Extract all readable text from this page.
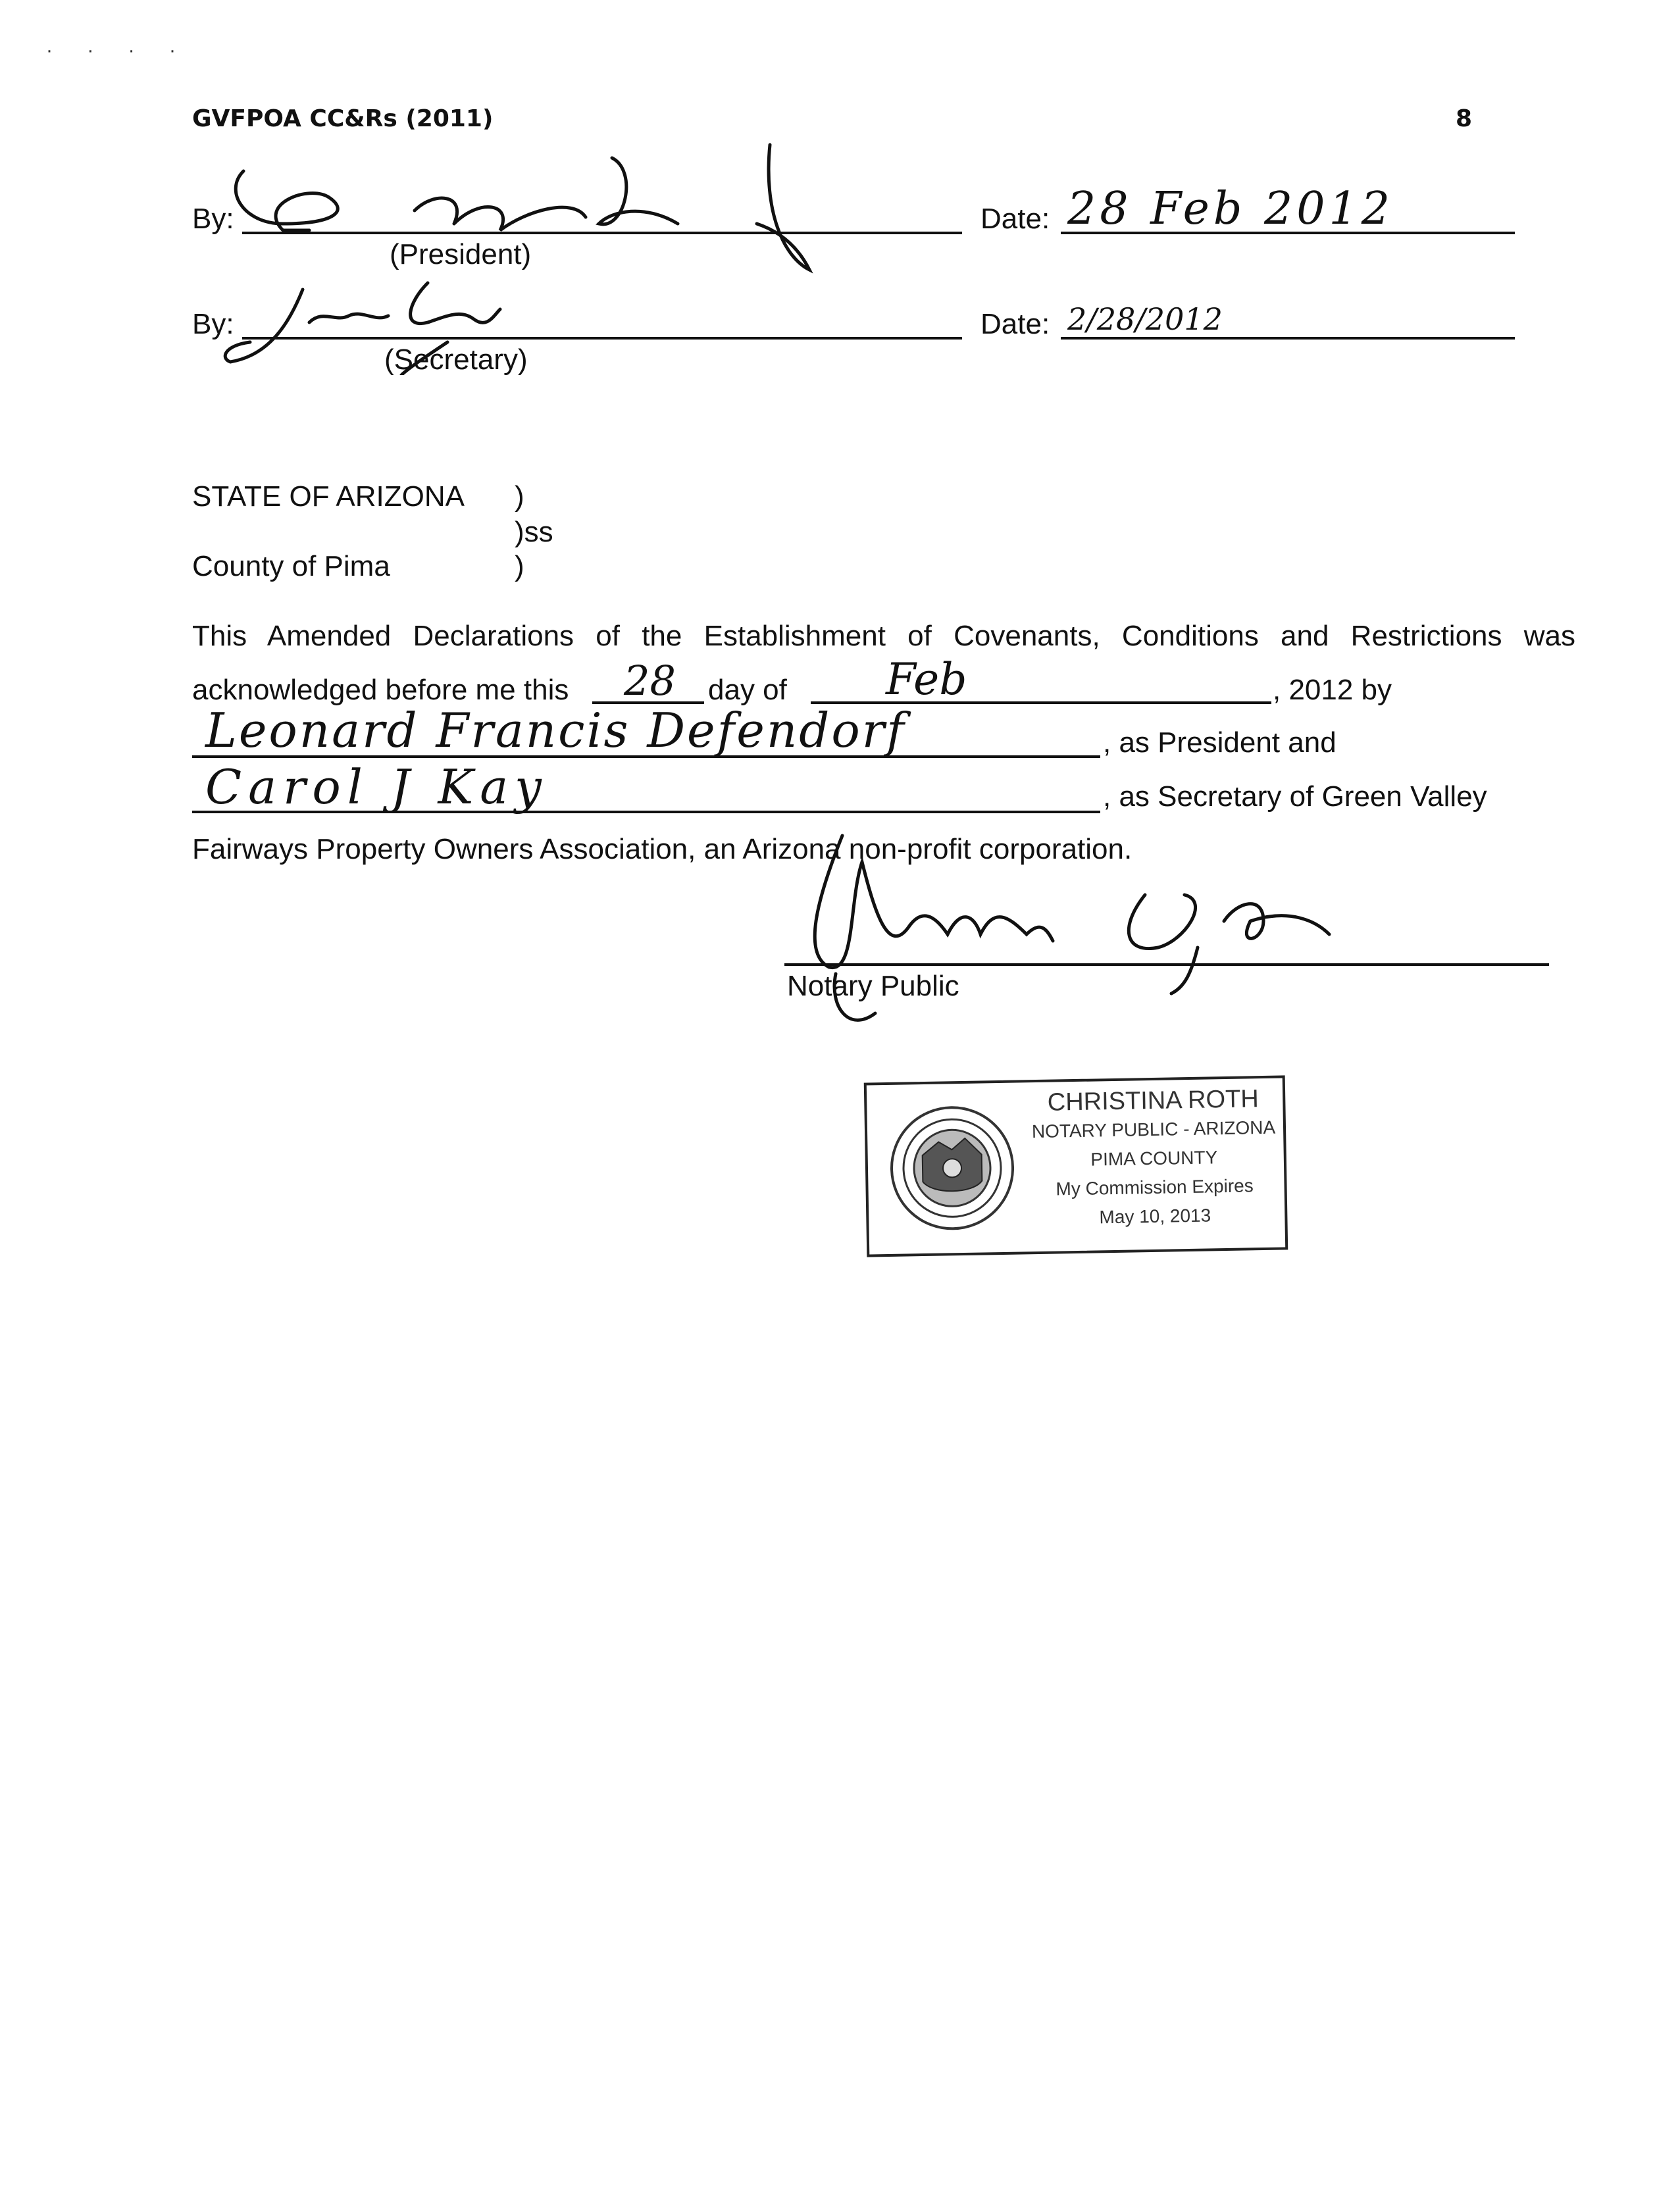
· · · ·
GVFPOA CC&Rs (2011)	8
By:
(President)
Date: 28 Feb 2012
By:
(Secretary)
Date: 2/28/2012
STATE OF ARIZONA )
)ss
County of Pima	)
This Amended Declarations of the Establishment of Covenants, Conditions and Restrictions was
acknowledged before me this 28 day of Feb	, 2012 by
Leonard Francis Defendorf	, as President and
Carol J Kay	, as Secretary of Green Valley
Fairways Property Owners Association, an Arizona non-profit corporation.
Notary Public
CHRISTINA ROTH
NOTARY PUBLIC - ARIZONA
PIMA COUNTY
My Commission Expires
May 10, 2013
